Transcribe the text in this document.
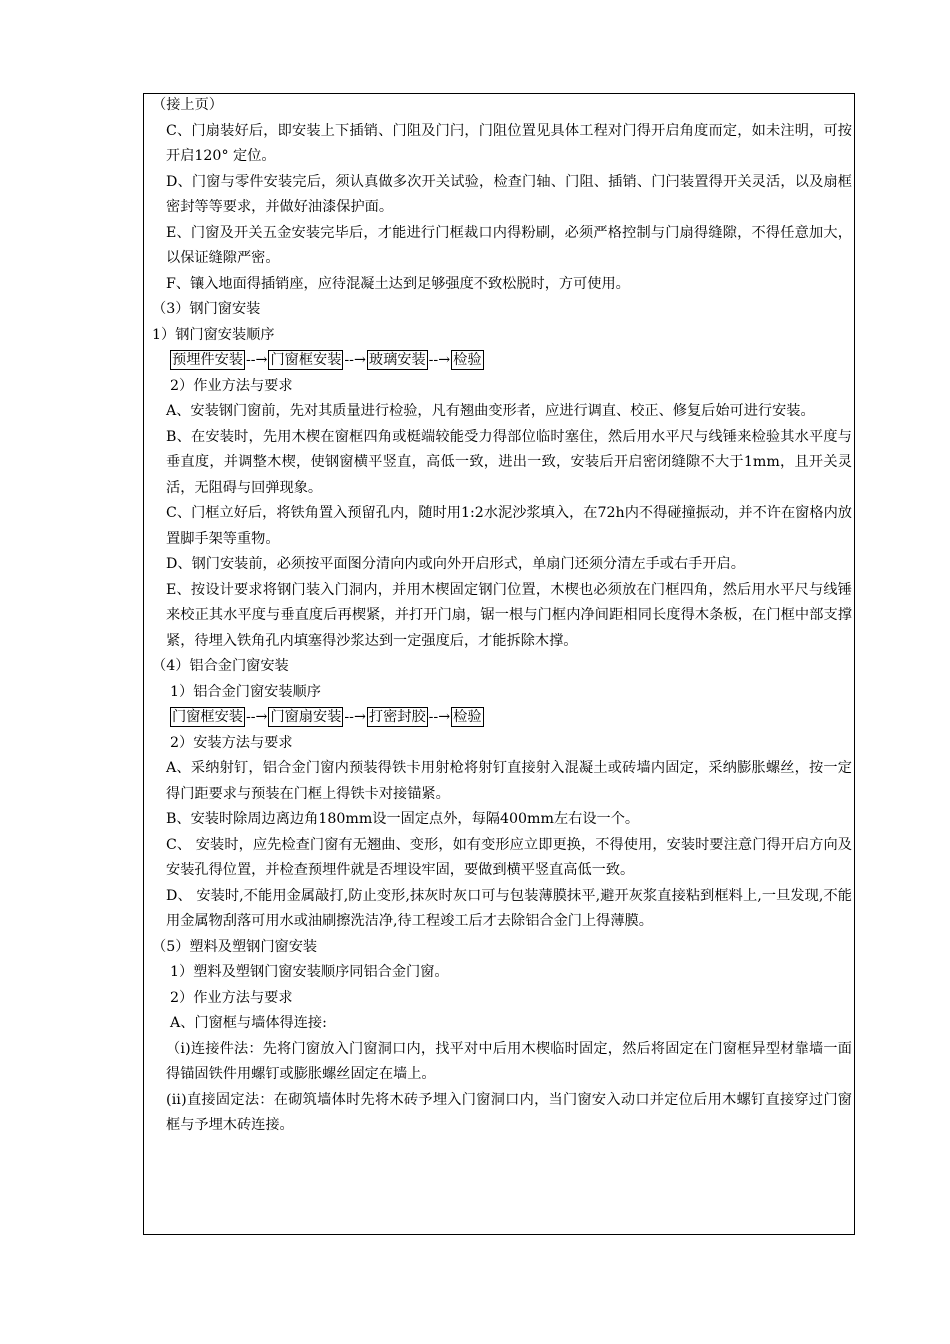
（接上页）
C、门扇装好后，即安装上下插销、门阻及门闩，门阻位置见具体工程对门得开启角度而定，如未注明，可按开启120° 定位。
D、门窗与零件安装完后，须认真做多次开关试验，检查门轴、门阻、插销、门闩装置得开关灵活，以及扇框密封等等要求，并做好油漆保护面。
E、门窗及开关五金安装完毕后，才能进行门框裁口内得粉刷，必须严格控制与门扇得缝隙，不得任意加大，以保证缝隙严密。
F、镶入地面得插销座，应待混凝土达到足够强度不致松脱时，方可使用。
（3）钢门窗安装
1）钢门窗安装顺序
预埋件安装 --→ 门窗框安装 --→ 玻璃安装 --→ 检验
2）作业方法与要求
A、安装钢门窗前，先对其质量进行检验，凡有翘曲变形者，应进行调直、校正、修复后始可进行安装。
B、在安装时，先用木楔在窗框四角或梃端较能受力得部位临时塞住，然后用水平尺与线锤来检验其水平度与垂直度，并调整木楔，使钢窗横平竖直，高低一致，进出一致，安装后开启密闭缝隙不大于1mm，且开关灵活，无阻碍与回弹现象。
C、门框立好后，将铁角置入预留孔内，随时用1:2水泥沙浆填入，在72h内不得碰撞振动，并不许在窗格内放置脚手架等重物。
D、钢门安装前，必须按平面图分清向内或向外开启形式，单扇门还须分清左手或右手开启。
E、按设计要求将钢门装入门洞内，并用木楔固定钢门位置，木楔也必须放在门框四角，然后用水平尺与线锤来校正其水平度与垂直度后再楔紧，并打开门扇，锯一根与门框内净间距相同长度得木条板，在门框中部支撑紧，待埋入铁角孔内填塞得沙浆达到一定强度后，才能拆除木撑。
（4）铝合金门窗安装
1）铝合金门窗安装顺序
门窗框安装 --→ 门窗扇安装 --→ 打密封胶 --→ 检验
2）安装方法与要求
A、采纳射钉，铝合金门窗内预装得铁卡用射枪将射钉直接射入混凝土或砖墙内固定，采纳膨胀螺丝，按一定得门距要求与预装在门框上得铁卡对接锚紧。
B、安装时除周边离边角180mm设一固定点外，每隔400mm左右设一个。
C、 安装时，应先检查门窗有无翘曲、变形，如有变形应立即更换，不得使用，安装时要注意门得开启方向及安装孔得位置，并检查预埋件就是否埋设牢固，要做到横平竖直高低一致。
D、 安装时,不能用金属敲打,防止变形,抹灰时灰口可与包装薄膜抹平,避开灰浆直接粘到框料上,一旦发现,不能用金属物刮落可用水或油刷擦洗洁净,待工程竣工后才去除铝合金门上得薄膜。
（5）塑料及塑钢门窗安装
1）塑料及塑钢门窗安装顺序同铝合金门窗。
2）作业方法与要求
A、门窗框与墙体得连接:
（ⅰ)连接件法：先将门窗放入门窗洞口内，找平对中后用木楔临时固定，然后将固定在门窗框异型材靠墙一面得锚固铁件用螺钉或膨胀螺丝固定在墙上。
(ⅱ)直接固定法：在砌筑墙体时先将木砖予埋入门窗洞口内，当门窗安入动口并定位后用木螺钉直接穿过门窗框与予埋木砖连接。
